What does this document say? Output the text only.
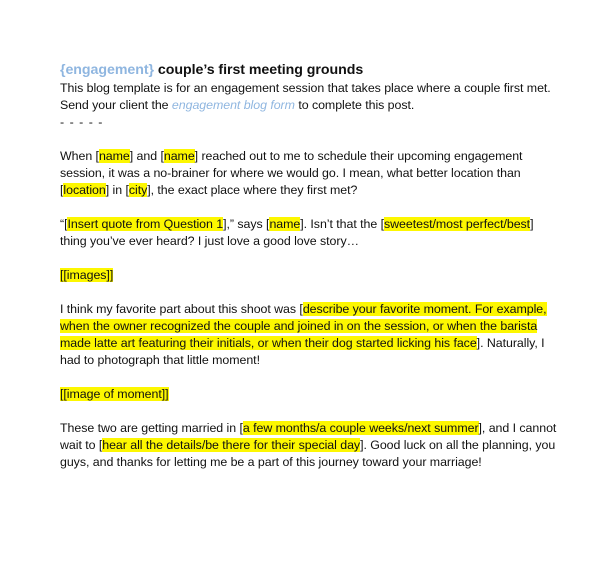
{engagement} couple’s first meeting grounds

This blog template is for an engagement session that takes place where a couple first met. Send your client the engagement blog form to complete this post.

- - - - -

When [name] and [name] reached out to me to schedule their upcoming engagement session, it was a no-brainer for where we would go. I mean, what better location than [location] in [city], the exact place where they first met?

“[Insert quote from Question 1],” says [name]. Isn’t that the [sweetest/most perfect/best] thing you’ve ever heard? I just love a good love story…

[[images]]

I think my favorite part about this shoot was [describe your favorite moment. For example, when the owner recognized the couple and joined in on the session, or when the barista made latte art featuring their initials, or when their dog started licking his face]. Naturally, I had to photograph that little moment!

[[image of moment]]

These two are getting married in [a few months/a couple weeks/next summer], and I cannot wait to [hear all the details/be there for their special day]. Good luck on all the planning, you guys, and thanks for letting me be a part of this journey toward your marriage!
